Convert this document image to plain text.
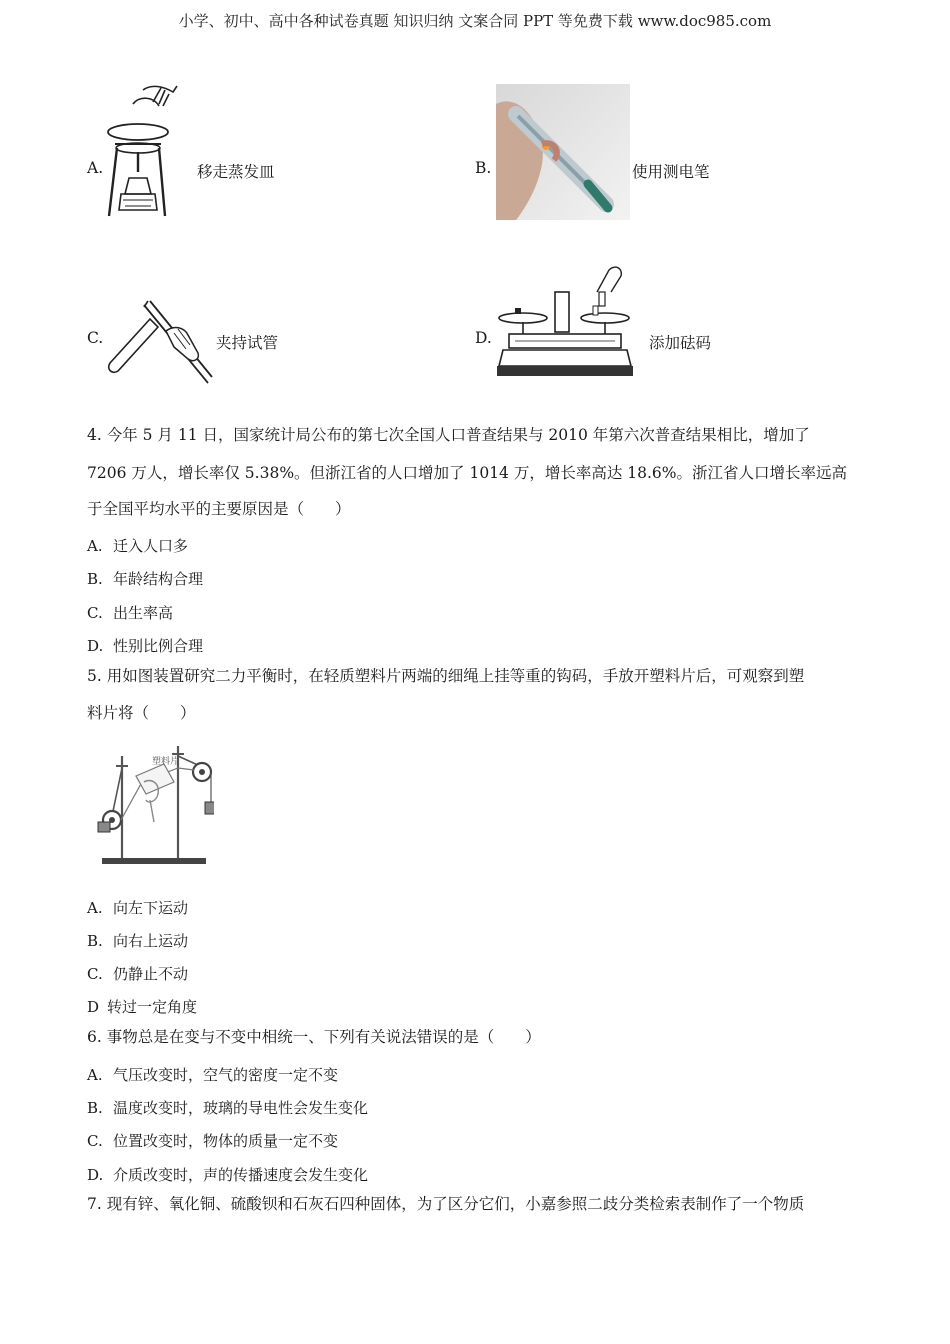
小学、初中、高中各种试卷真题 知识归纳 文案合同 PPT 等免费下载 www.doc985.com
A.	移走蒸发皿	B.	使用测电笔
C.	夹持试管	D.	添加砝码
4. 今年 5 月 11 日，国家统计局公布的第七次全国人口普查结果与 2010 年第六次普查结果相比，增加了
7206 万人，增长率仅 5.38%。但浙江省的人口增加了 1014 万，增长率高达 18.6%。浙江省人口增长率远高
于全国平均水平的主要原因是（　　）
A. 迁入人口多
B. 年龄结构合理
C. 出生率高
D. 性别比例合理
5. 用如图装置研究二力平衡时，在轻质塑料片两端的细绳上挂等重的钩码，手放开塑料片后，可观察到塑
料片将（　　）
塑料片
A. 向左下运动
B. 向右上运动
C. 仍静止不动
D 转过一定角度
6. 事物总是在变与不变中相统一、下列有关说法错误的是（　　）
A. 气压改变时，空气的密度一定不变
B. 温度改变时，玻璃的导电性会发生变化
C. 位置改变时，物体的质量一定不变
D. 介质改变时，声的传播速度会发生变化
7. 现有锌、氧化铜、硫酸钡和石灰石四种固体，为了区分它们，小嘉参照二歧分类检索表制作了一个物质
